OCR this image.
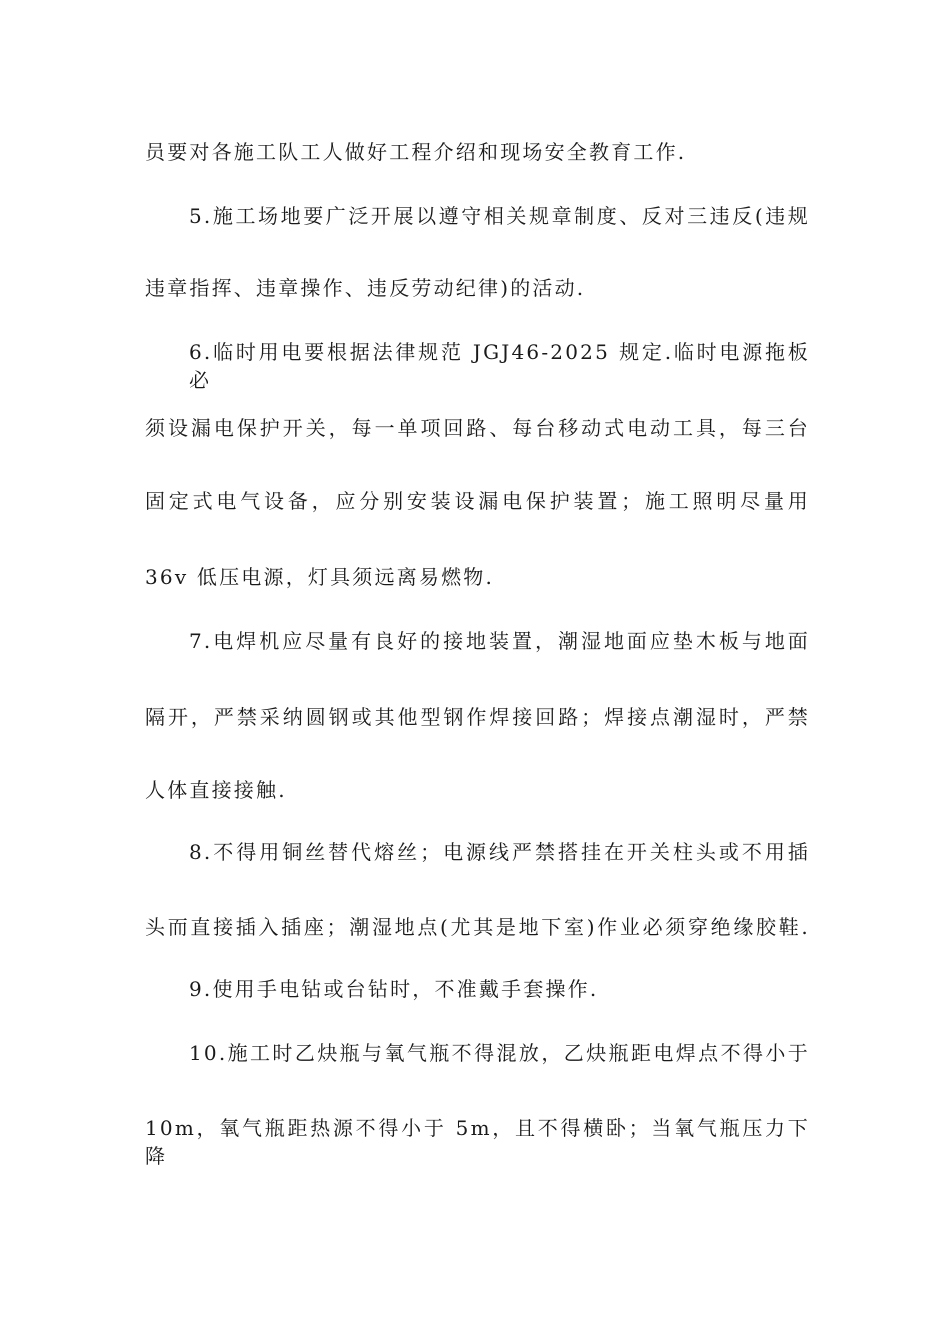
员要对各施工队工人做好工程介绍和现场安全教育工作.
5.施工场地要广泛开展以遵守相关规章制度、反对三违反(违规
违章指挥、违章操作、违反劳动纪律)的活动.
6.临时用电要根据法律规范 JGJ46-2025 规定.临时电源拖板必
须设漏电保护开关，每一单项回路、每台移动式电动工具，每三台
固定式电气设备，应分别安装设漏电保护装置；施工照明尽量用
36v 低压电源，灯具须远离易燃物.
7.电焊机应尽量有良好的接地装置，潮湿地面应垫木板与地面
隔开，严禁采纳圆钢或其他型钢作焊接回路；焊接点潮湿时，严禁
人体直接接触.
8.不得用铜丝替代熔丝；电源线严禁搭挂在开关柱头或不用插
头而直接插入插座；潮湿地点(尤其是地下室)作业必须穿绝缘胶鞋.
9.使用手电钻或台钻时，不准戴手套操作.
10.施工时乙炔瓶与氧气瓶不得混放，乙炔瓶距电焊点不得小于
10m，氧气瓶距热源不得小于 5m，且不得横卧；当氧气瓶压力下降
